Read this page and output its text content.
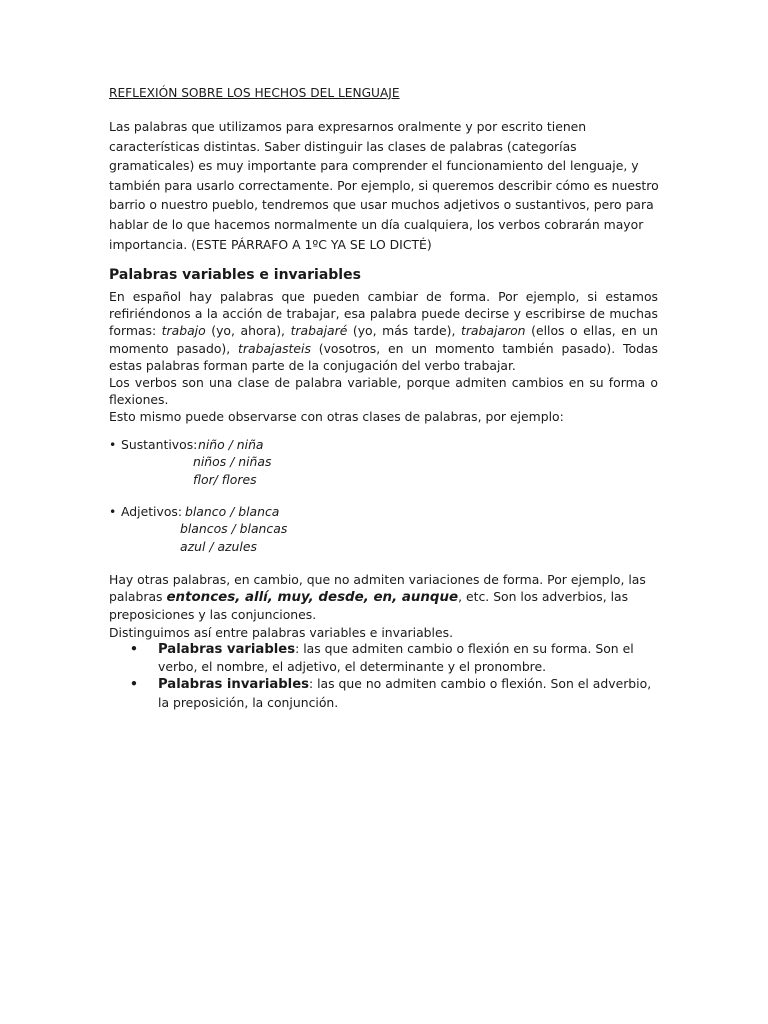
REFLEXIÓN SOBRE LOS HECHOS DEL LENGUAJE

Las palabras que utilizamos para expresarnos oralmente y por escrito tienen características distintas. Saber distinguir las clases de palabras (categorías gramaticales) es muy importante para comprender el funcionamiento del lenguaje, y también para usarlo correctamente. Por ejemplo, si queremos describir cómo es nuestro barrio o nuestro pueblo, tendremos que usar muchos adjetivos o sustantivos, pero para hablar de lo que hacemos normalmente un día cualquiera, los verbos cobrarán mayor importancia. (ESTE PÁRRAFO A 1ºC YA SE LO DICTÉ)

Palabras variables e invariables

En español hay palabras que pueden cambiar de forma. Por ejemplo, si estamos refiriéndonos a la acción de trabajar, esa palabra puede decirse y escribirse de muchas formas: trabajo (yo, ahora), trabajaré (yo, más tarde), trabajaron (ellos o ellas, en un momento pasado), trabajasteis (vosotros, en un momento también pasado). Todas estas palabras forman parte de la conjugación del verbo trabajar.

Los verbos son una clase de palabra variable, porque admiten cambios en su forma o flexiones.

Esto mismo puede observarse con otras clases de palabras, por ejemplo:

• Sustantivos: niño / niña
niños / niñas
flor/ flores
• Adjetivos: blanco / blanca
blancos / blancas
azul / azules

Hay otras palabras, en cambio, que no admiten variaciones de forma. Por ejemplo, las palabras entonces, allí, muy, desde, en, aunque, etc. Son los adverbios, las preposiciones y las conjunciones.

Distinguimos así entre palabras variables e invariables.

• Palabras variables: las que admiten cambio o flexión en su forma. Son el verbo, el nombre, el adjetivo, el determinante y el pronombre.
• Palabras invariables: las que no admiten cambio o flexión. Son el adverbio, la preposición, la conjunción.
